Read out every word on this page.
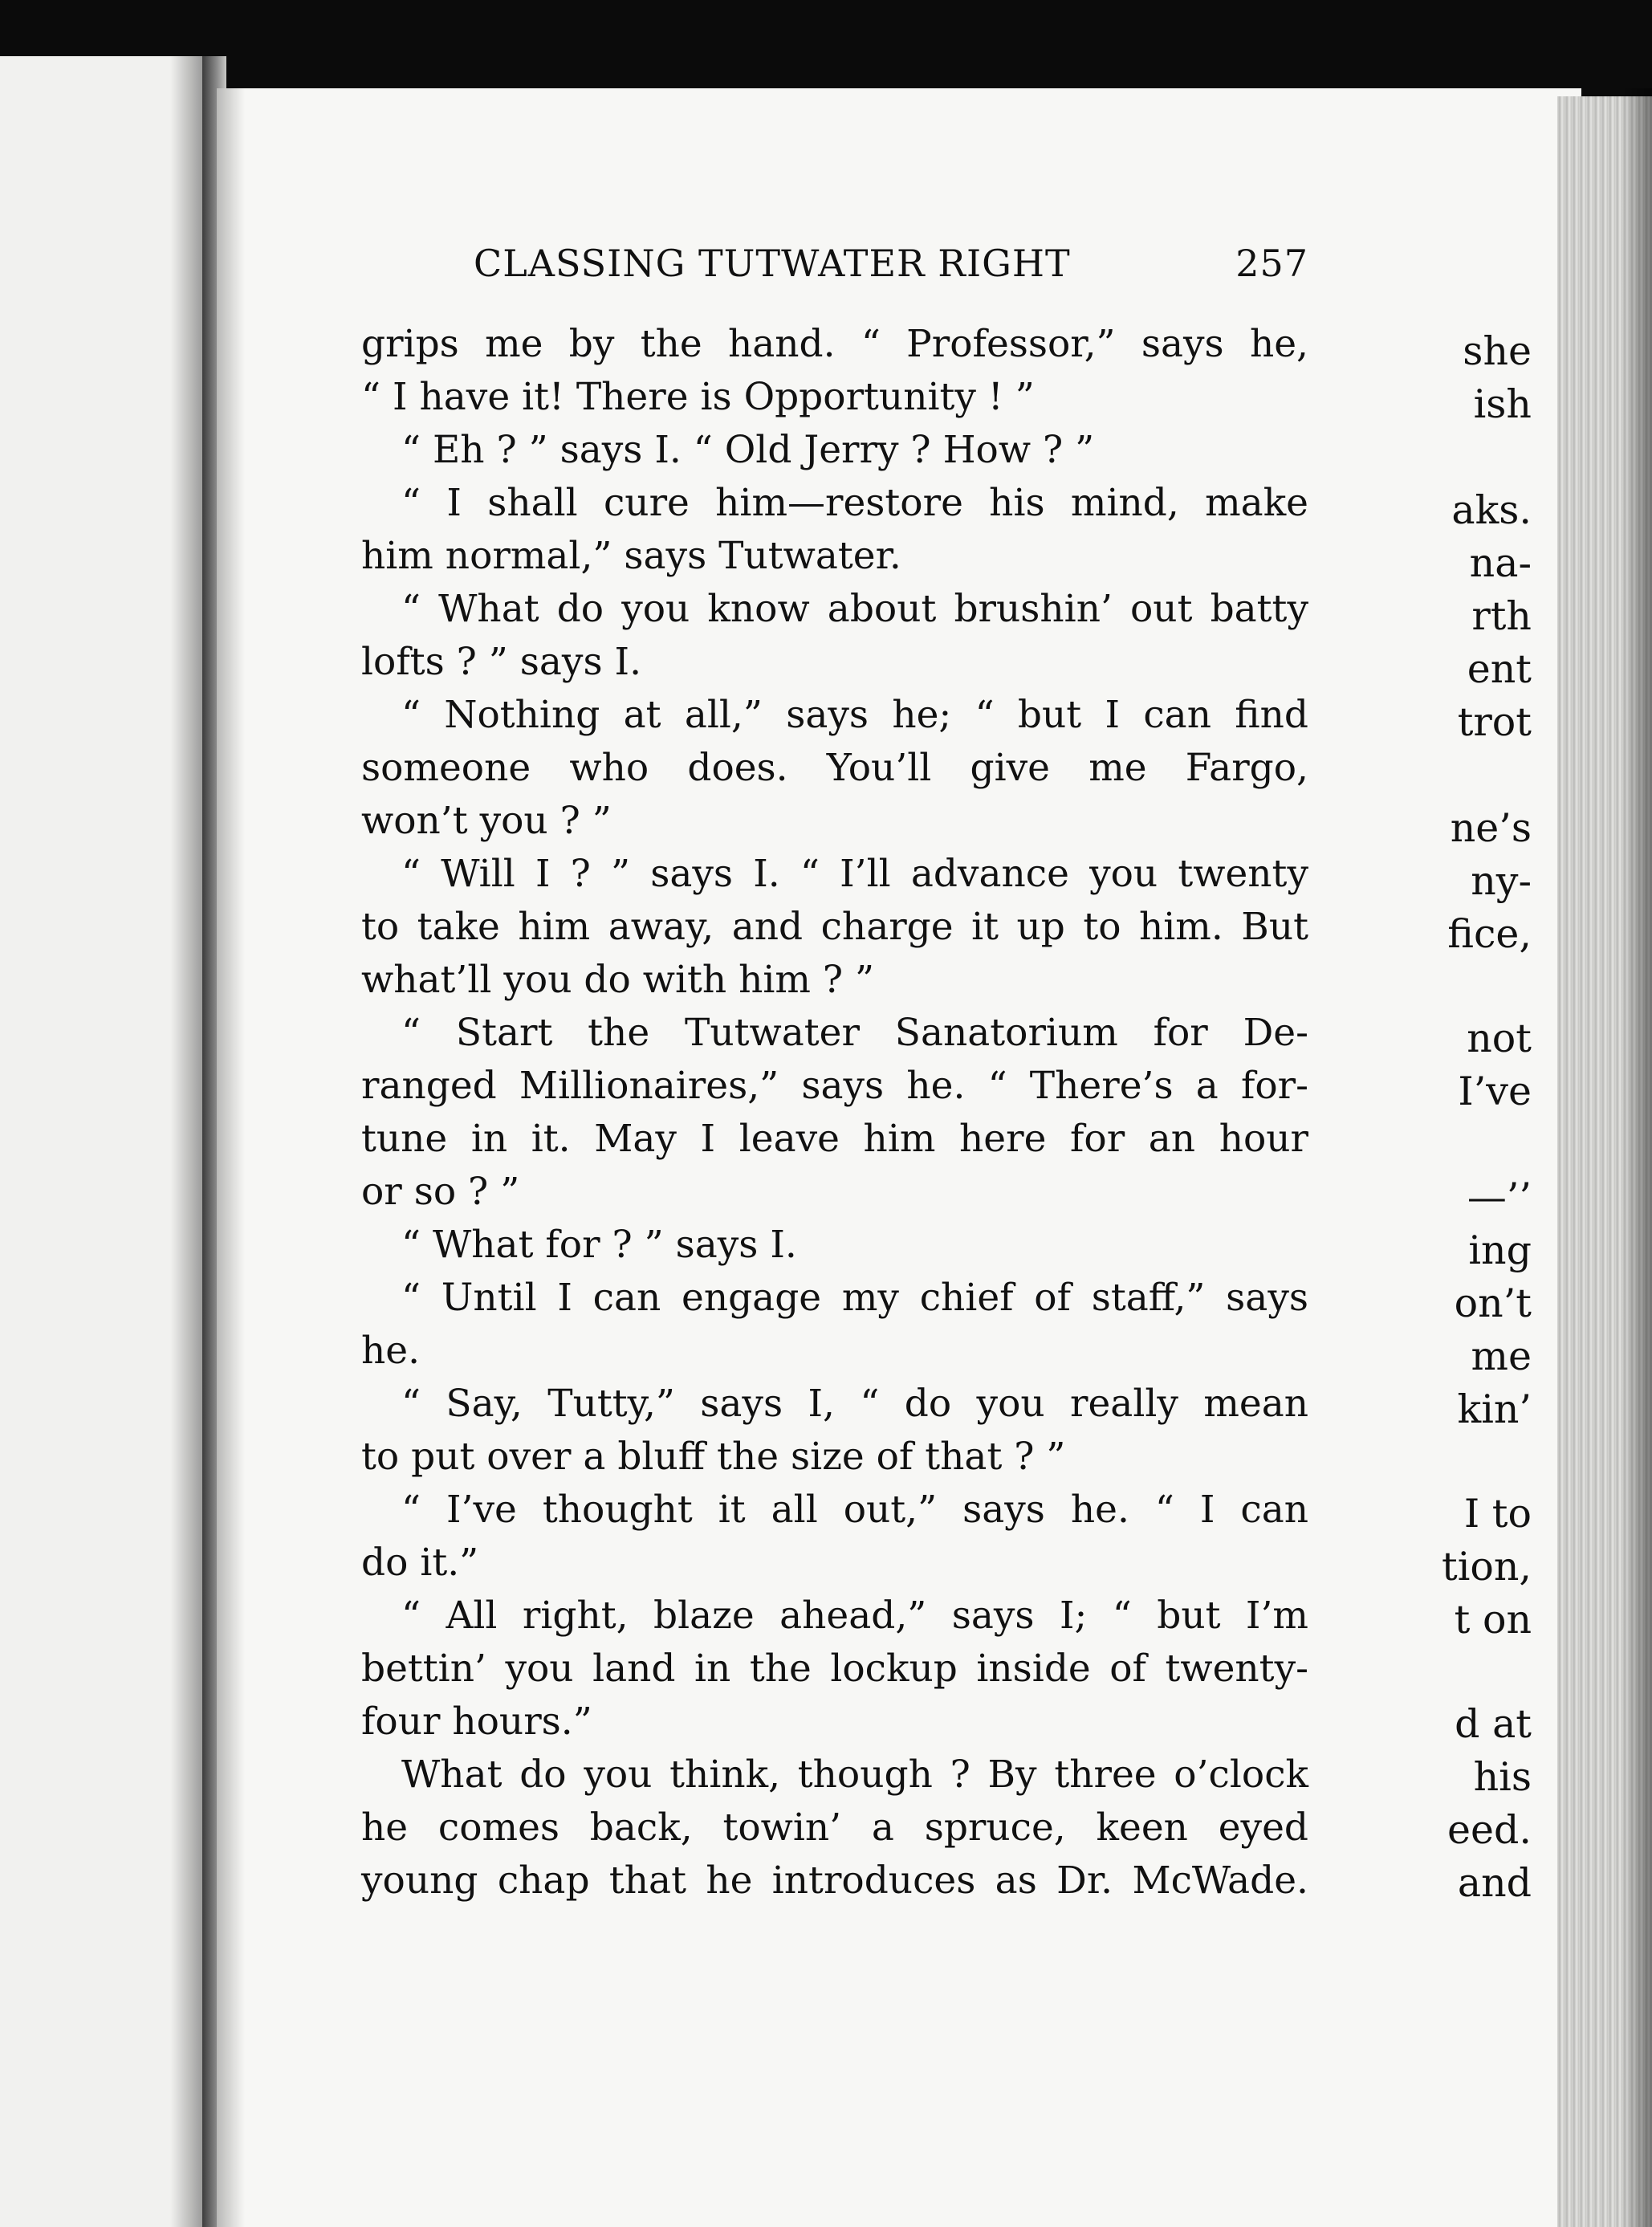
she
ish
aks.
na-
rth
ent
trot
ne’s
ny-
fice,
not
I’ve
—’’
ing
on’t
me
kin’
I to
tion,
t on
d at
his
eed.
and
CLASSING TUTWATER RIGHT	257
grips me by the hand. “ Professor,” says he,
“ I have it! There is Opportunity ! ”
“ Eh ? ” says I. “ Old Jerry ? How ? ”
“ I shall cure him—restore his mind, make
him normal,” says Tutwater.
“ What do you know about brushin’ out batty
lofts ? ” says I.
“ Nothing at all,” says he; “ but I can find
someone who does. You’ll give me Fargo,
won’t you ? ”
“ Will I ? ” says I. “ I’ll advance you twenty
to take him away, and charge it up to him. But
what’ll you do with him ? ”
“ Start the Tutwater Sanatorium for De-
ranged Millionaires,” says he. “ There’s a for-
tune in it. May I leave him here for an hour
or so ? ”
“ What for ? ” says I.
“ Until I can engage my chief of staff,” says
he.
“ Say, Tutty,” says I, “ do you really mean
to put over a bluff the size of that ? ”
“ I’ve thought it all out,” says he. “ I can
do it.”
“ All right, blaze ahead,” says I; “ but I’m
bettin’ you land in the lockup inside of twenty-
four hours.”
What do you think, though ? By three o’clock
he comes back, towin’ a spruce, keen eyed
young chap that he introduces as Dr. McWade.
